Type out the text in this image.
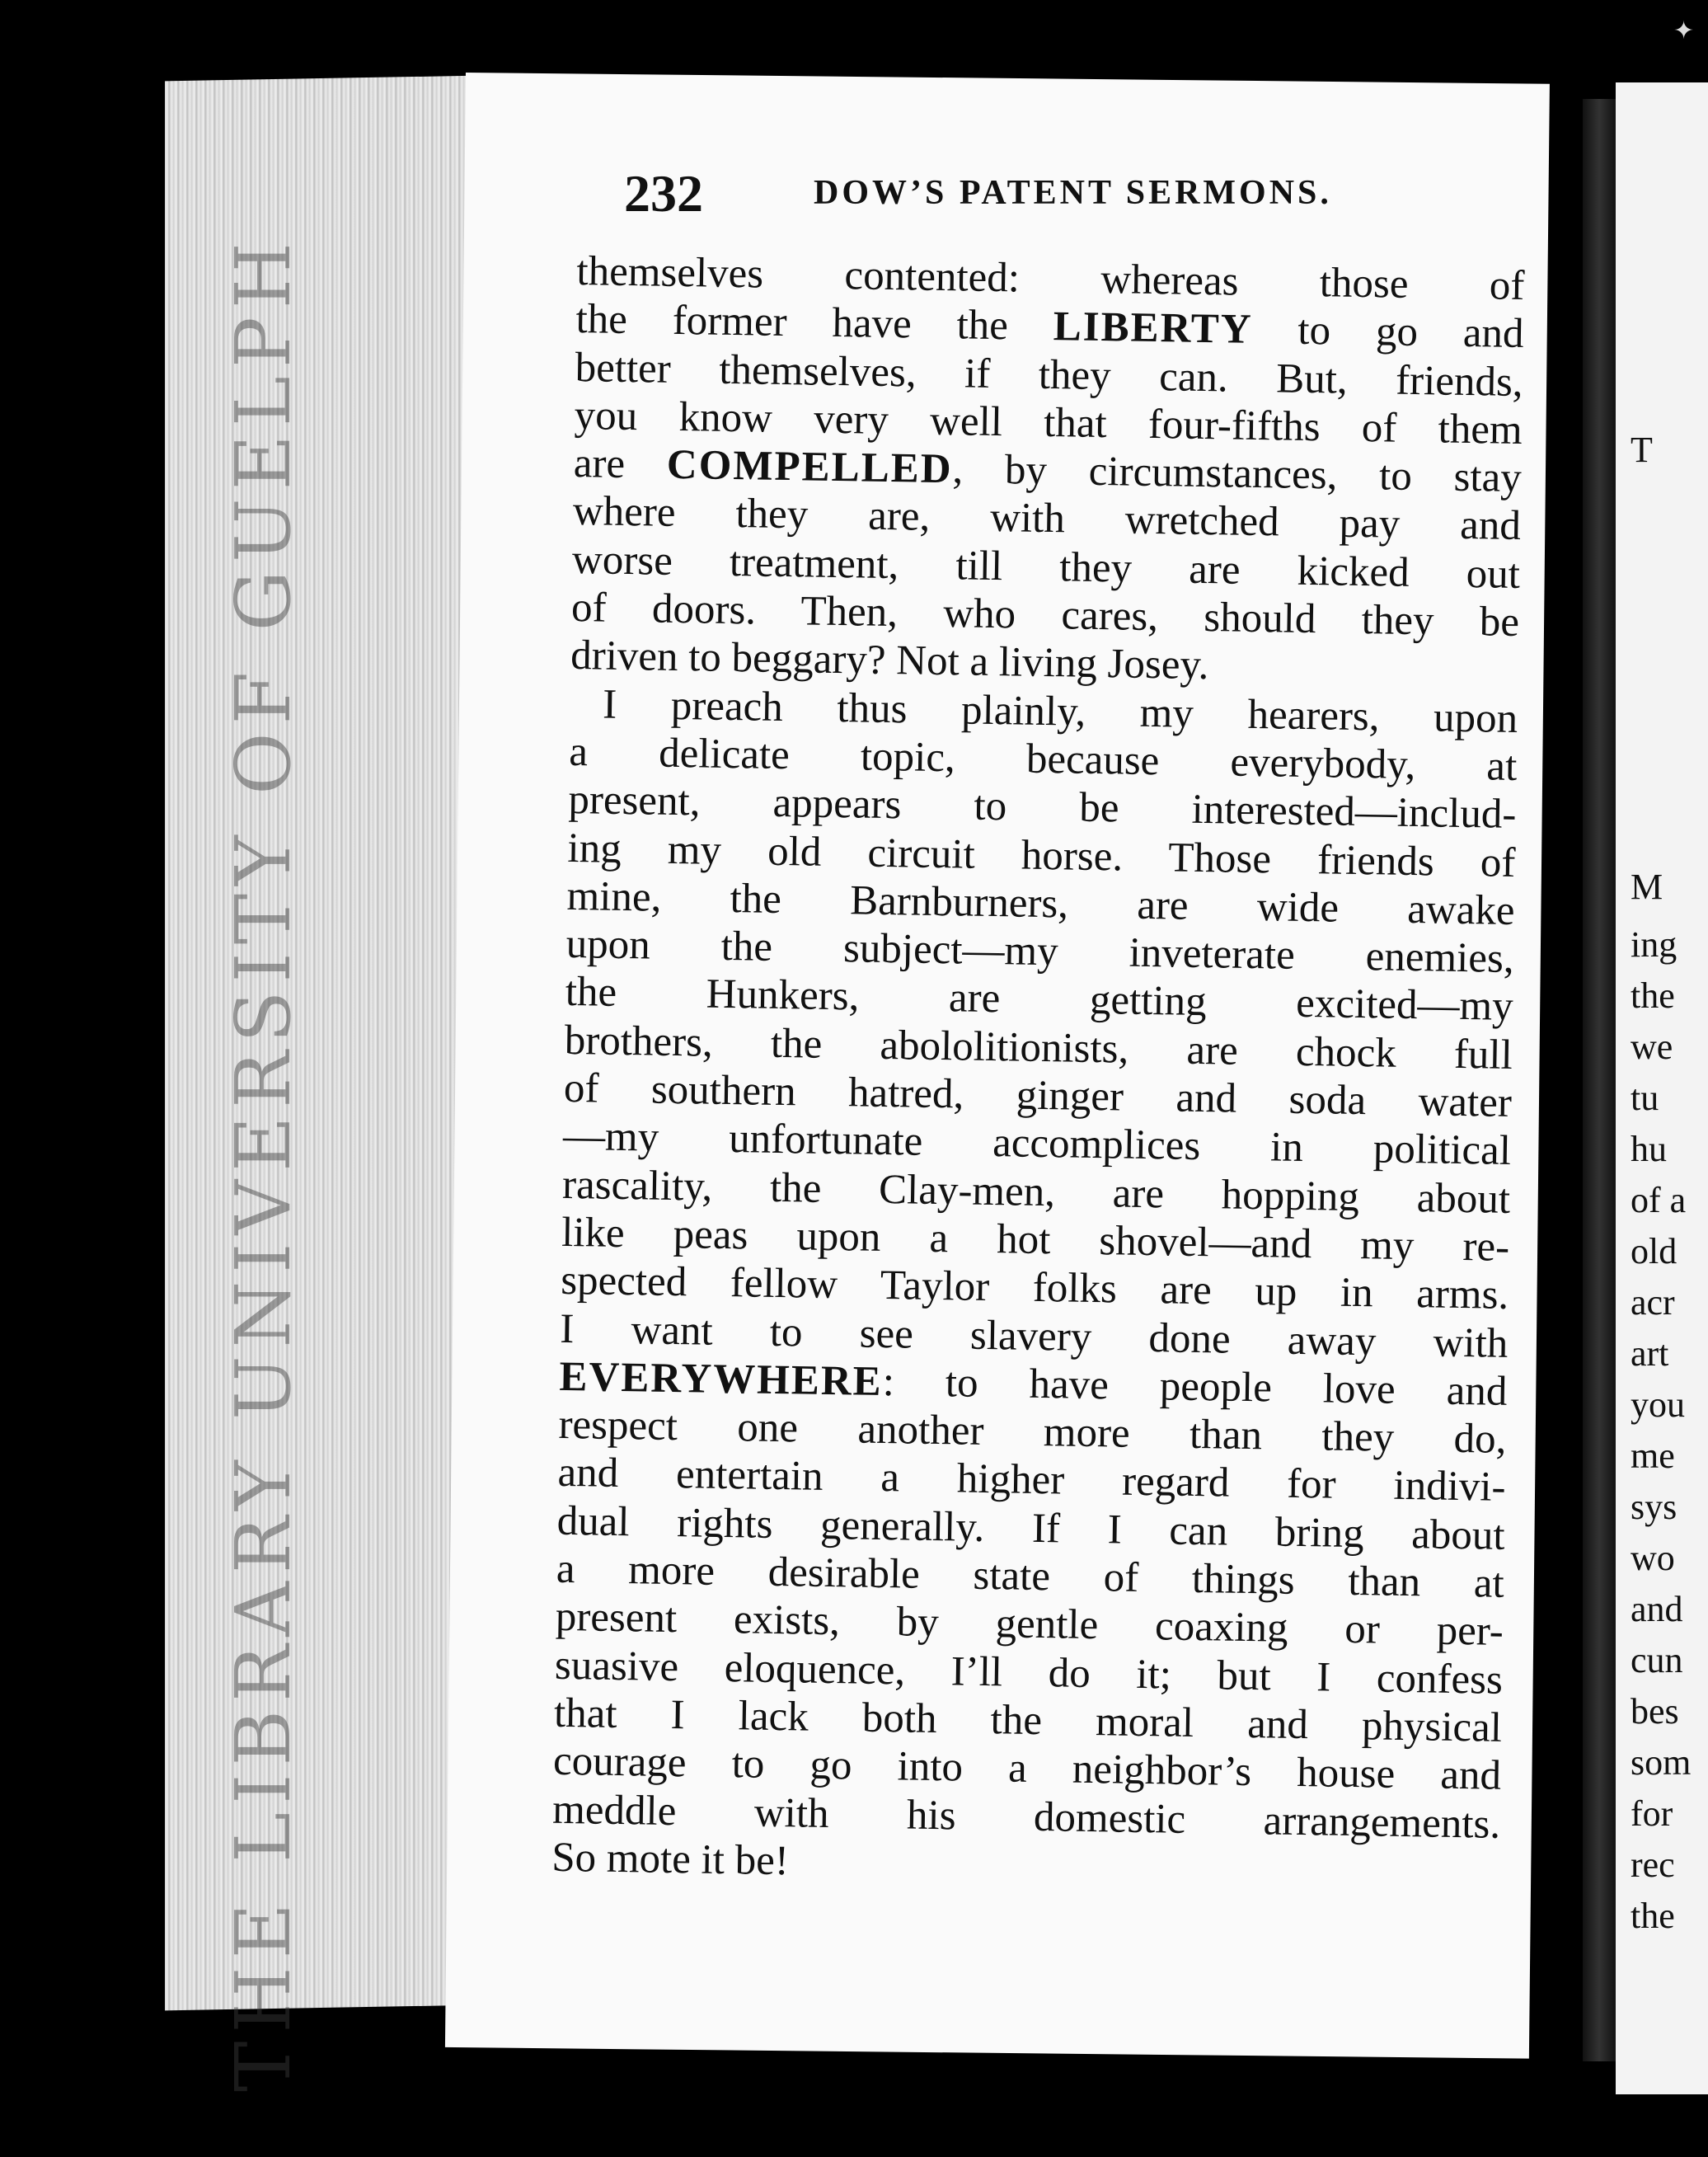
THE LIBRARY UNIVERSITY OF GUELPH	T
M
ing
the
we
tu
hu
of a
old
acr
art
you
me
sys
wo
and
cun
bes
som
for
rec
the
232	DOW’S PATENT SERMONS.
themselves contented: whereas those of
the former have the LIBERTY to go and
better themselves, if they can. But, friends,
you know very well that four-fifths of them
are COMPELLED, by circumstances, to stay
where they are, with wretched pay and
worse treatment, till they are kicked out
of doors. Then, who cares, should they be
driven to beggary? Not a living Josey.
I preach thus plainly, my hearers, upon
a delicate topic, because everybody, at
present, appears to be interested—includ-
ing my old circuit horse. Those friends of
mine, the Barnburners, are wide awake
upon the subject—my inveterate enemies,
the Hunkers, are getting excited—my
brothers, the abololitionists, are chock full
of southern hatred, ginger and soda water
—my unfortunate accomplices in political
rascality, the Clay-men, are hopping about
like peas upon a hot shovel—and my re-
spected fellow Taylor folks are up in arms.
I want to see slavery done away with
EVERYWHERE: to have people love and
respect one another more than they do,
and entertain a higher regard for indivi-
dual rights generally. If I can bring about
a more desirable state of things than at
present exists, by gentle coaxing or per-
suasive eloquence, I’ll do it; but I confess
that I lack both the moral and physical
courage to go into a neighbor’s house and
meddle with his domestic arrangements.
So mote it be!
✦
